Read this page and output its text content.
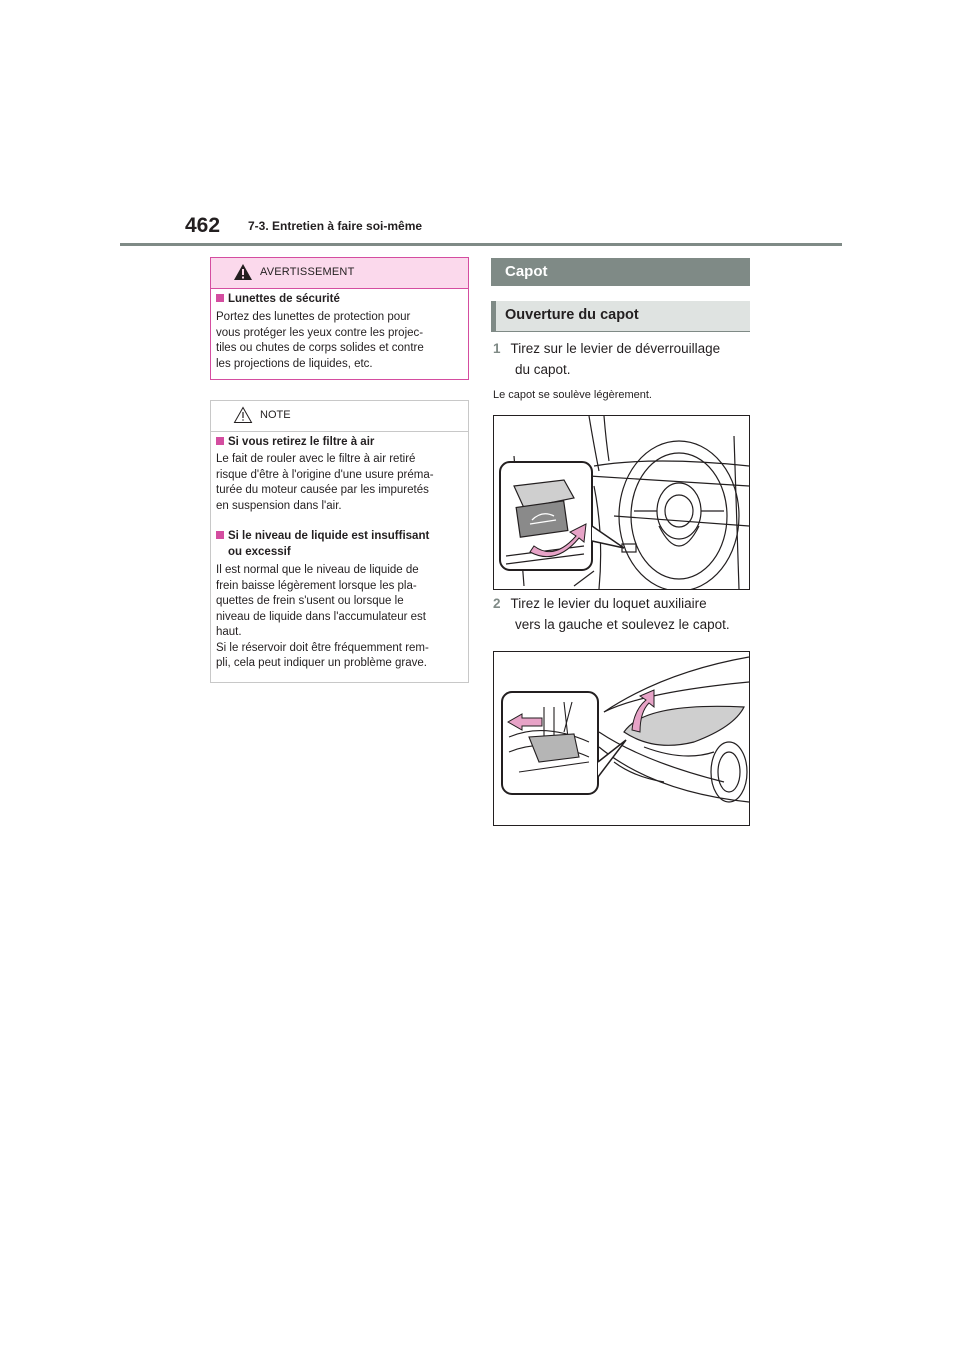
462 7-3. Entretien à faire soi-même
AVERTISSEMENT
Lunettes de sécurité
Portez des lunettes de protection pour
vous protéger les yeux contre les projec-
tiles ou chutes de corps solides et contre
les projections de liquides, etc.
NOTE
Si vous retirez le filtre à air
Le fait de rouler avec le filtre à air retiré
risque d'être à l'origine d'une usure préma-
turée du moteur causée par les impuretés
en suspension dans l'air.
Si le niveau de liquide est insuffisant
ou excessif
Il est normal que le niveau de liquide de
frein baisse légèrement lorsque les pla-
quettes de frein s'usent ou lorsque le
niveau de liquide dans l'accumulateur est
haut.
Si le réservoir doit être fréquemment rem-
pli, cela peut indiquer un problème grave.
Capot
Ouverture du capot
1 Tirez sur le levier de déverrouillage
du capot.
Le capot se soulève légèrement.
2 Tirez le levier du loquet auxiliaire
vers la gauche et soulevez le capot.
